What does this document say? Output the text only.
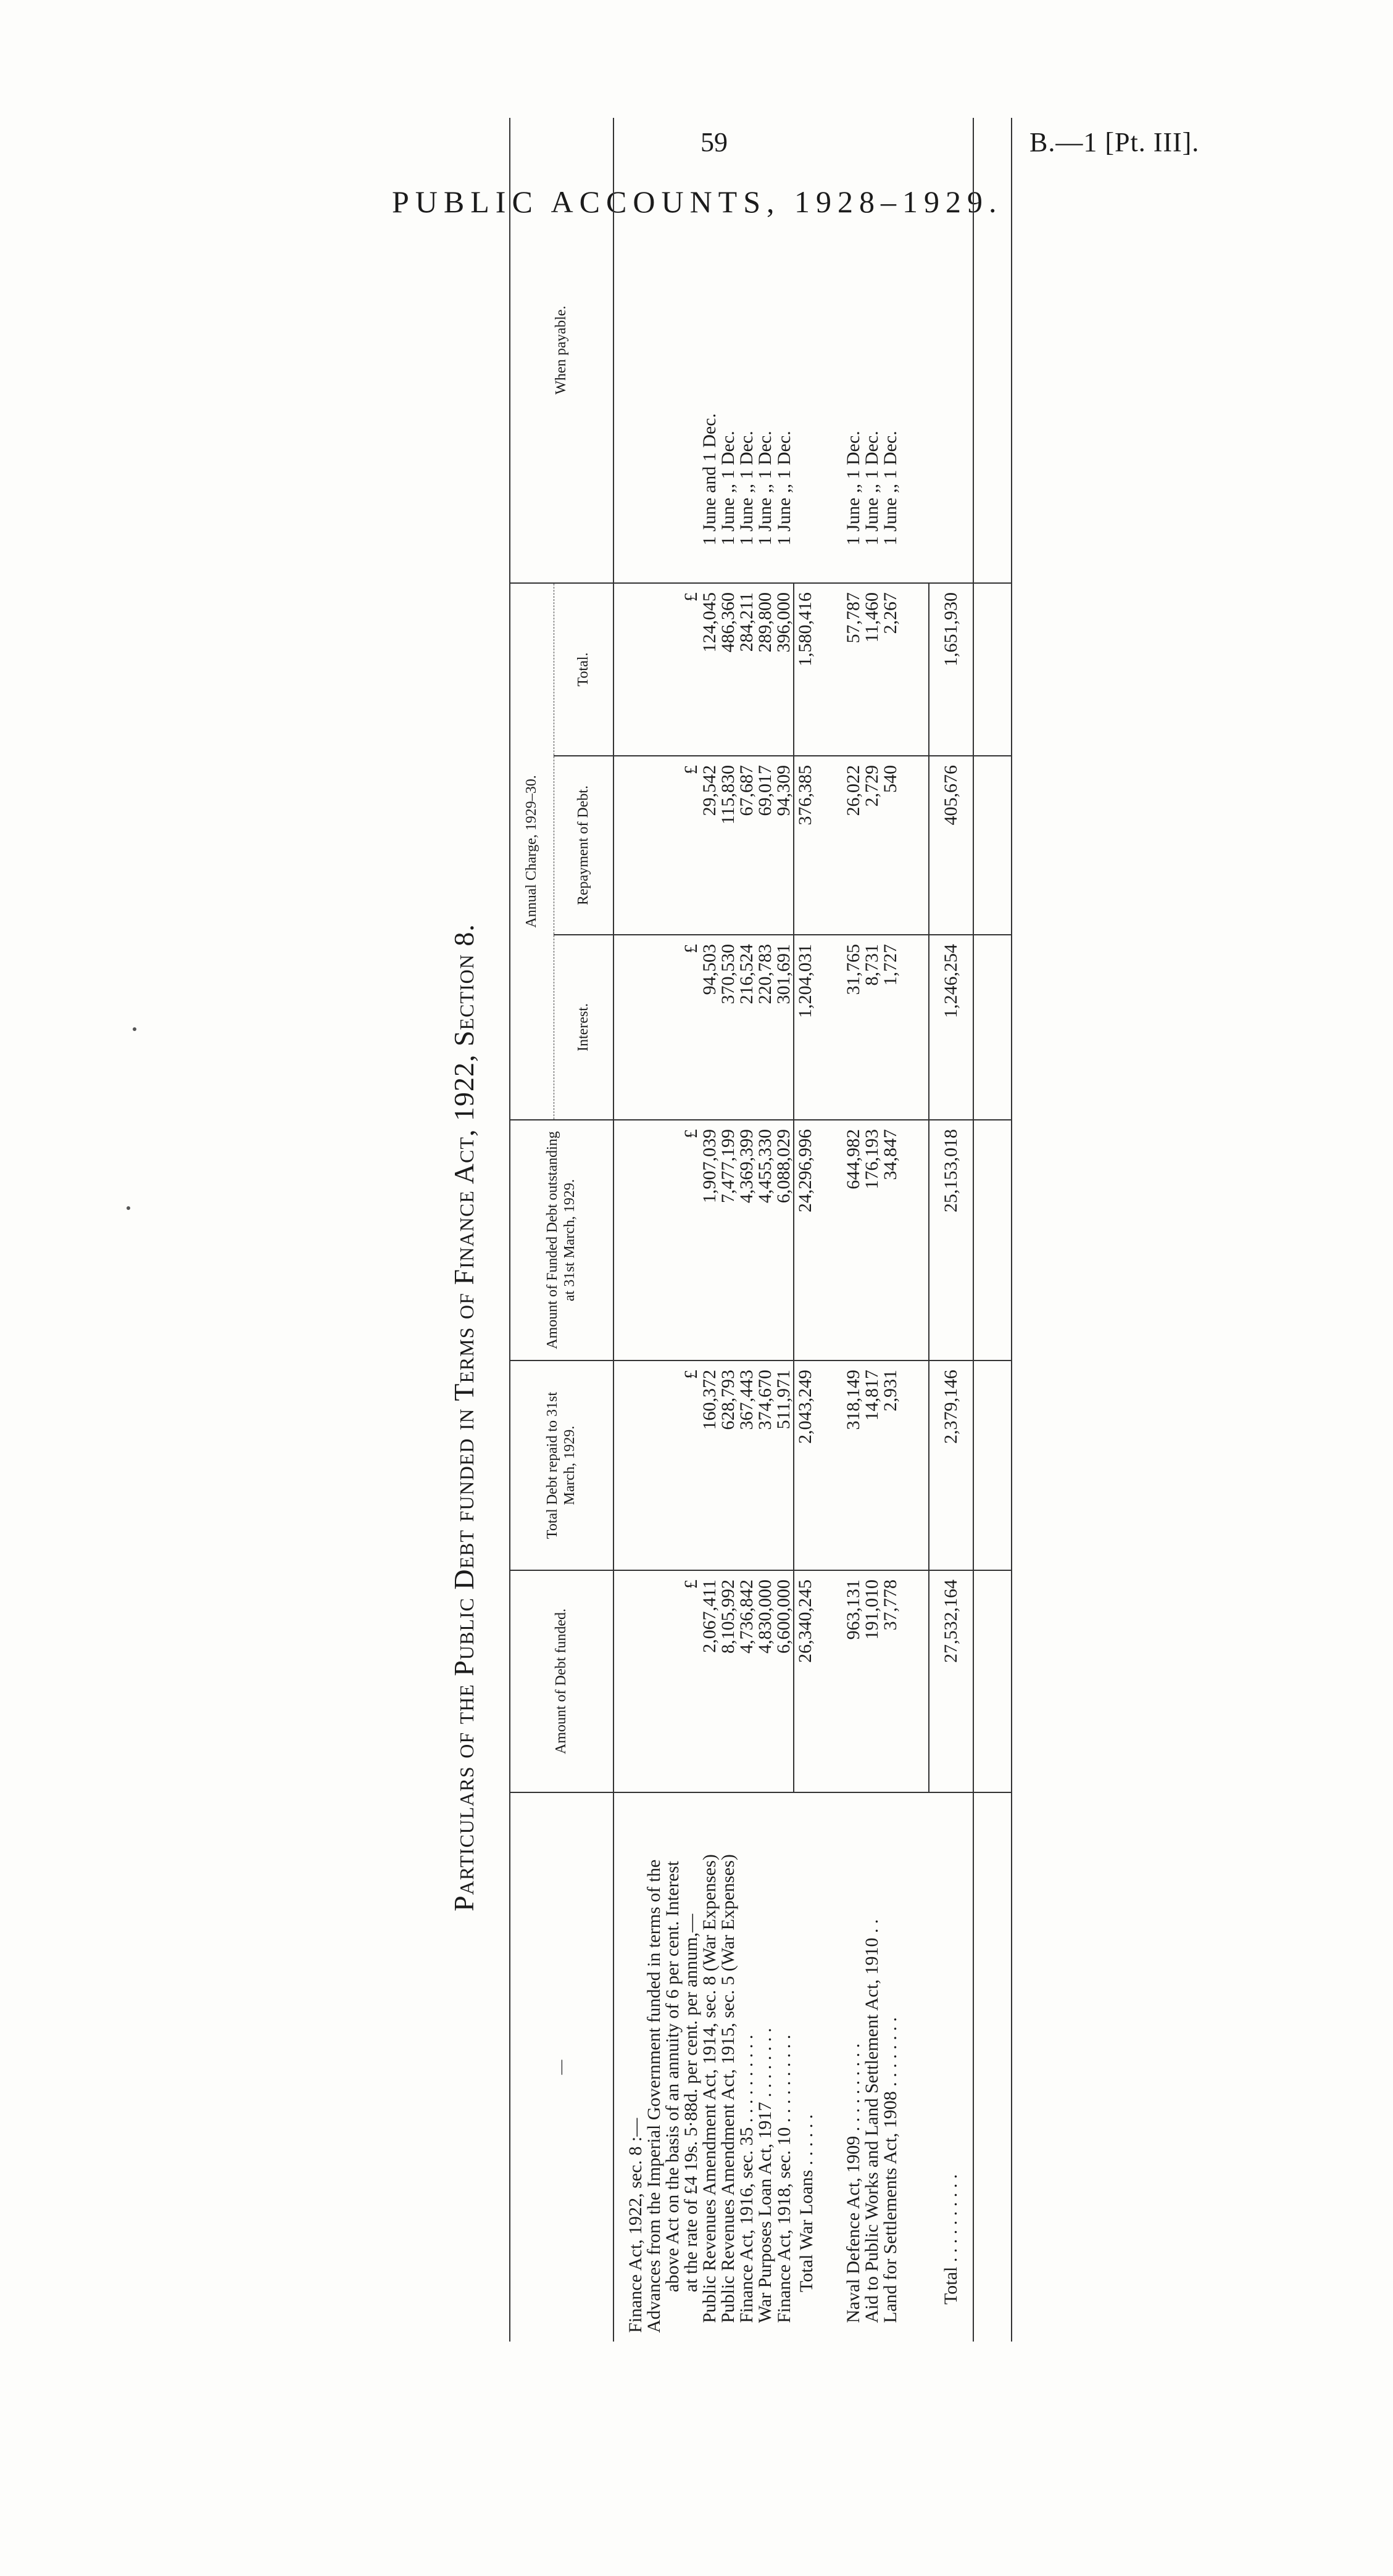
59	B.—1 [Pt. III].
PUBLIC ACCOUNTS, 1928–1929.
Particulars of the Public Debt funded in Terms of Finance Act, 1922, Section 8.
—	Amount of Debt funded.	Total Debt repaid to 31st March, 1929.	Amount of Funded Debt outstanding at 31st March, 1929.	Annual Charge, 1929–30.			When payable.
				Interest.	Repayment of Debt.	Total.	
Finance Act, 1922, sec. 8 :—							
Advances from the Imperial Government funded in terms of the							
above Act on the basis of an annuity of 6 per cent. Interest							
at the rate of £4 19s. 5·88d. per cent. per annum,—	£	£	£	£	£	£	
Public Revenues Amendment Act, 1914, sec. 8 (War Expenses)	2,067,411	160,372	1,907,039	94,503	29,542	124,045	1 June and 1 Dec.
Public Revenues Amendment Act, 1915, sec. 5 (War Expenses)	8,105,992	628,793	7,477,199	370,530	115,830	486,360	1 June ,, 1 Dec.
Finance Act, 1916, sec. 35 . . . . . . . . . .	4,736,842	367,443	4,369,399	216,524	67,687	284,211	1 June ,, 1 Dec.
War Purposes Loan Act, 1917 . . . . . . . .	4,830,000	374,670	4,455,330	220,783	69,017	289,800	1 June ,, 1 Dec.
Finance Act, 1918, sec. 10 . . . . . . . . . .	6,600,000	511,971	6,088,029	301,691	94,309	396,000	1 June ,, 1 Dec.
Total War Loans . . . . . .	26,340,245	2,043,249	24,296,996	1,204,031	376,385	1,580,416	

Naval Defence Act, 1909 . . . . . . . . . .	963,131	318,149	644,982	31,765	26,022	57,787	1 June ,, 1 Dec.
Aid to Public Works and Land Settlement Act, 1910 . .	191,010	14,817	176,193	8,731	2,729	11,460	1 June ,, 1 Dec.
Land for Settlements Act, 1908 . . . . . . . .	37,778	2,931	34,847	1,727	540	2,267	1 June ,, 1 Dec.

Total . . . . . . . . . .	27,532,164	2,379,146	25,153,018	1,246,254	405,676	1,651,930	
